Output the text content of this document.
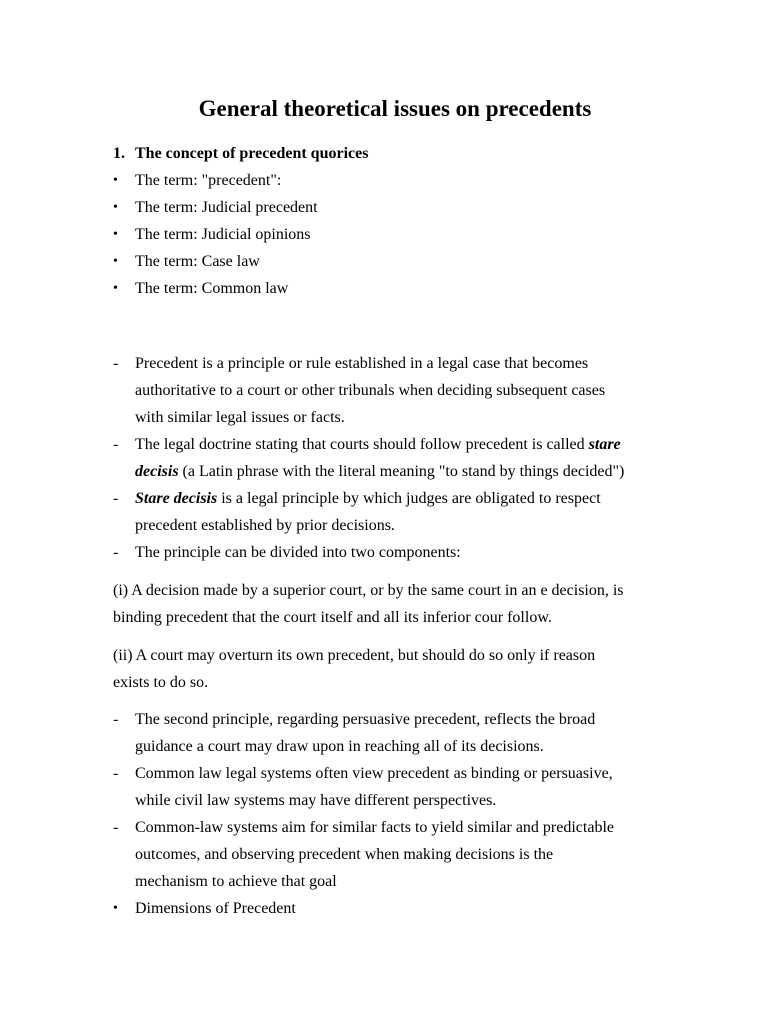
General theoretical issues on precedents
1. The concept of precedent quorices
•	The term: "precedent":
•	The term: Judicial precedent
•	The term: Judicial opinions
•	The term: Case law
•	The term: Common law
-	Precedent is a principle or rule established in a legal case that becomes
authoritative to a court or other tribunals when deciding subsequent cases
with similar legal issues or facts.
-	The legal doctrine stating that courts should follow precedent is called stare
decisis (a Latin phrase with the literal meaning "to stand by things decided")
-	Stare decisis is a legal principle by which judges are obligated to respect
precedent established by prior decisions.
-	The principle can be divided into two components:
(i) A decision made by a superior court, or by the same court in an e decision, is
binding precedent that the court itself and all its inferior cour follow.
(ii) A court may overturn its own precedent, but should do so only if reason
exists to do so.
-	The second principle, regarding persuasive precedent, reflects the broad
guidance a court may draw upon in reaching all of its decisions.
-	Common law legal systems often view precedent as binding or persuasive,
while civil law systems may have different perspectives.
-	Common-law systems aim for similar facts to yield similar and predictable
outcomes, and observing precedent when making decisions is the
mechanism to achieve that goal
•	Dimensions of Precedent
